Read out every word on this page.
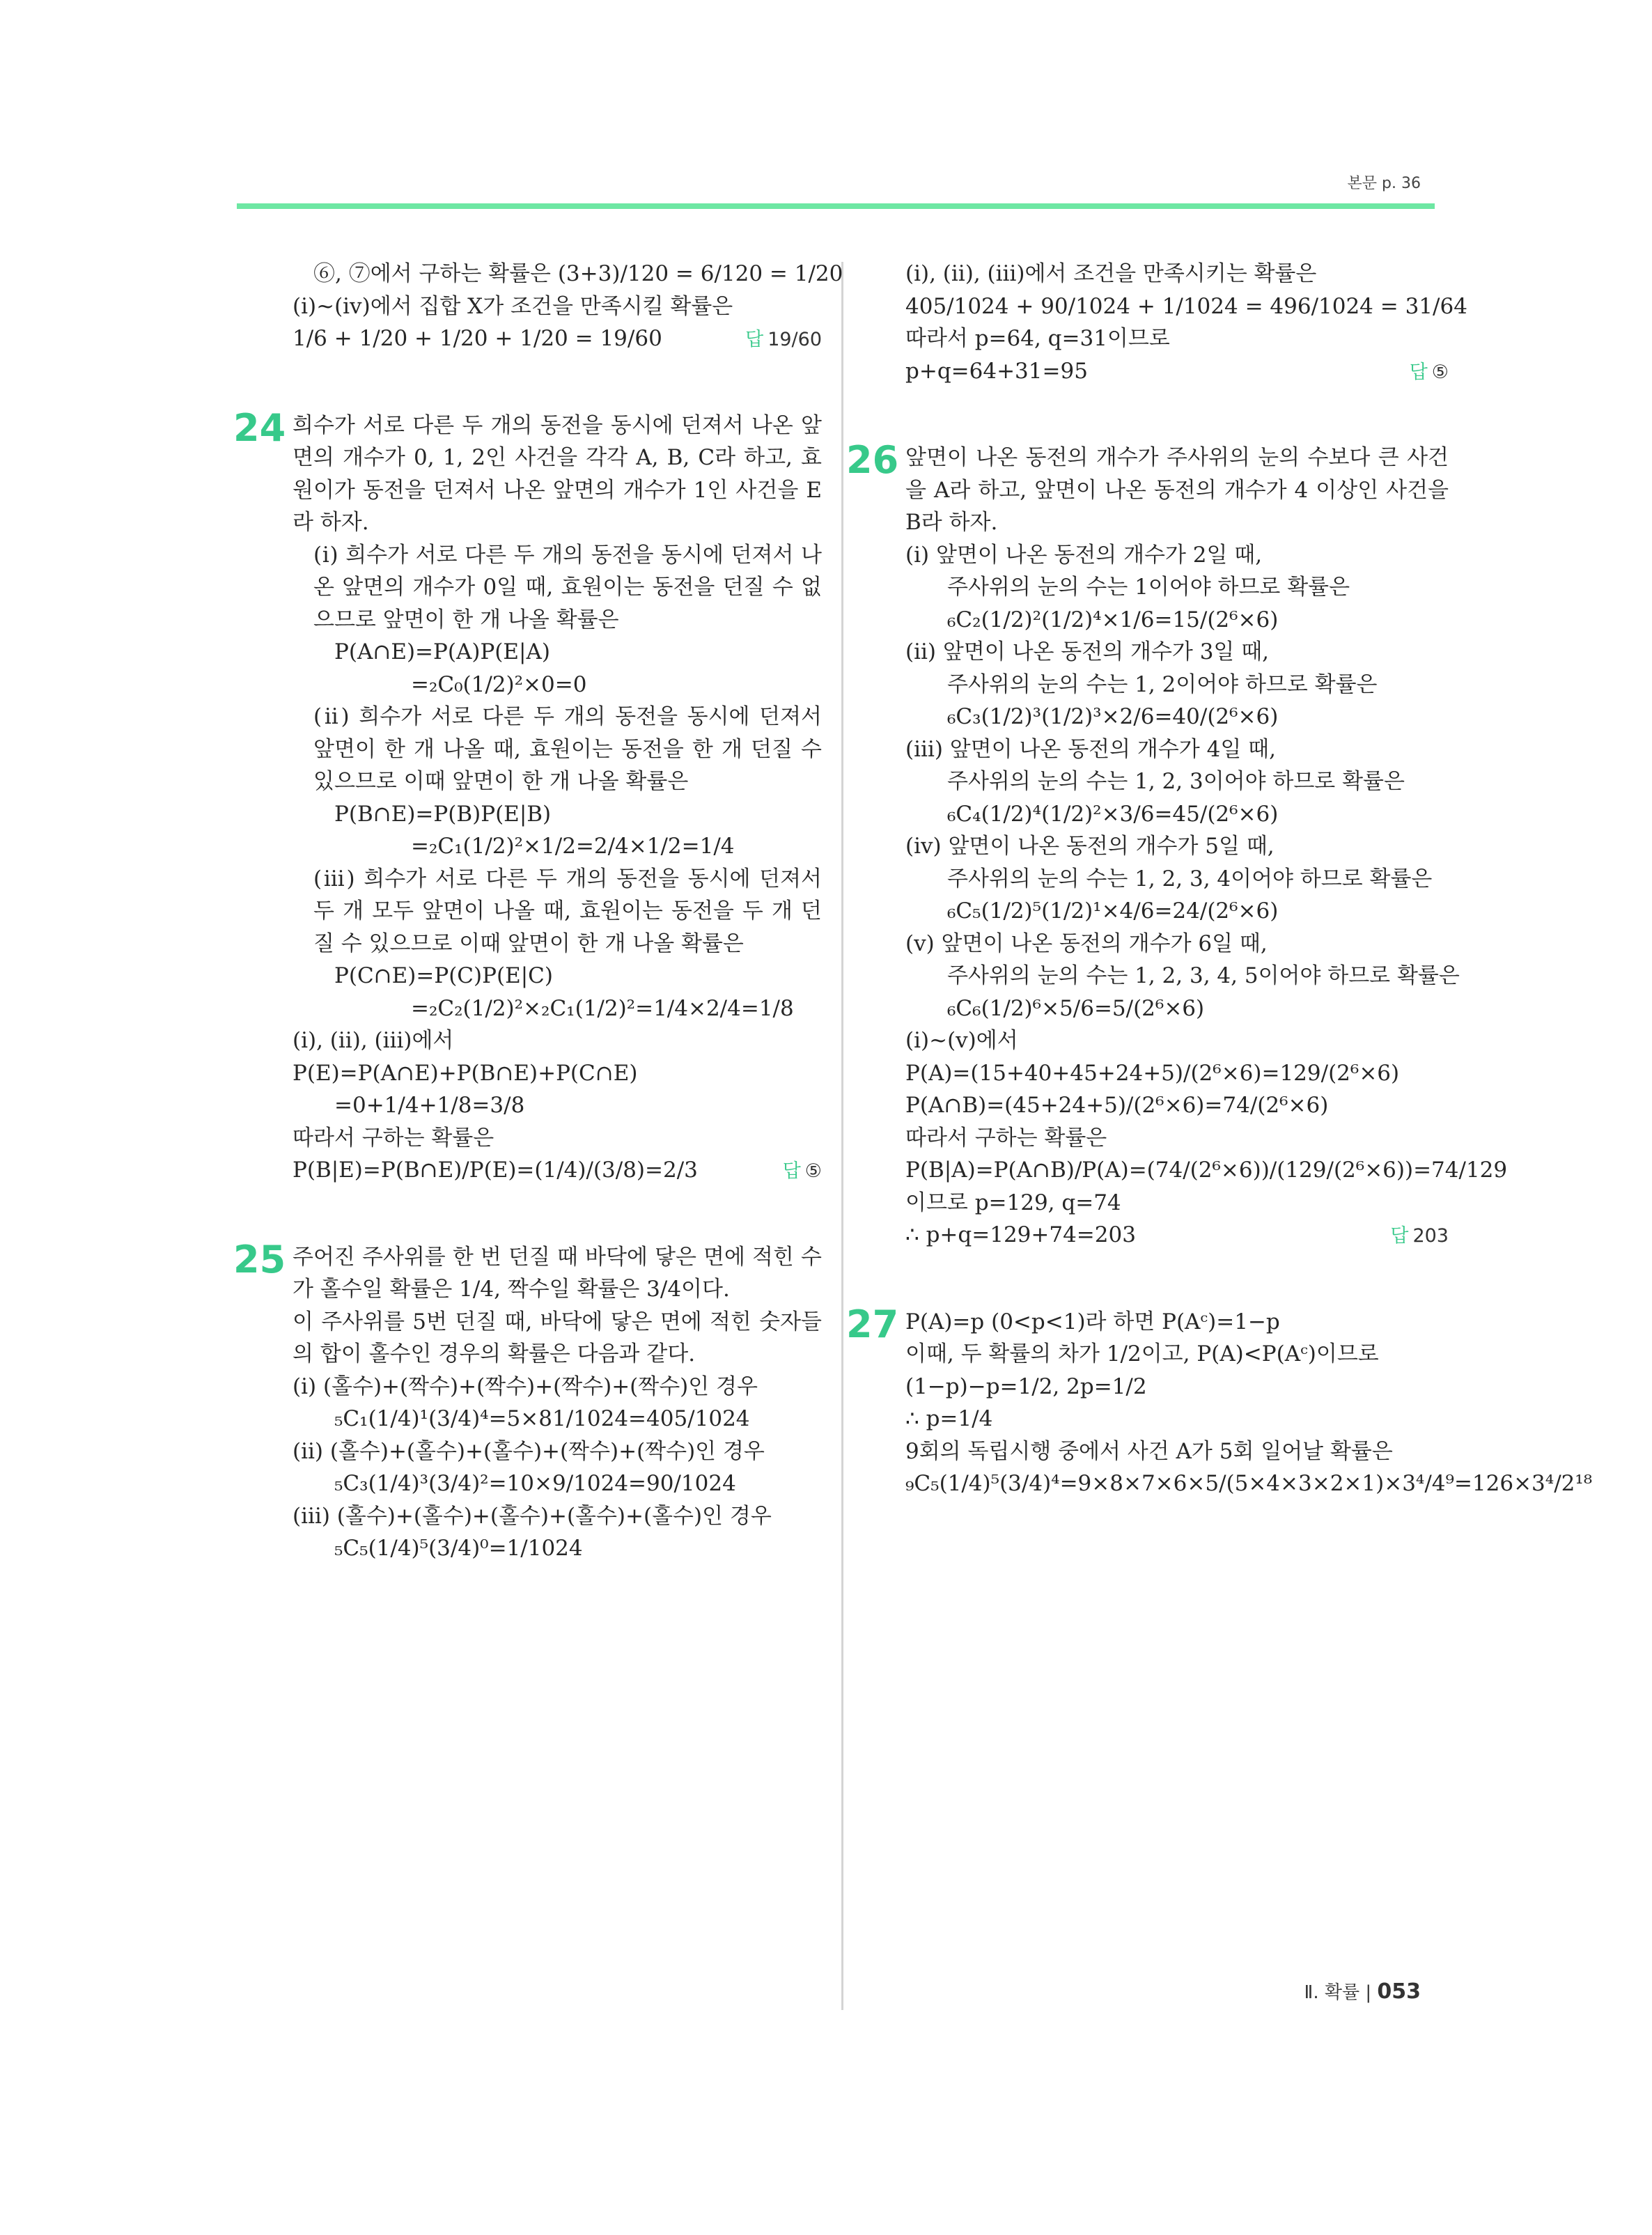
본문 p. 36

⑥, ⑦에서 구하는 확률은 (3+3)/120 = 6/120 = 1/20

(ⅰ)~(ⅳ)에서 집합 X가 조건을 만족시킬 확률은

1/6 + 1/20 + 1/20 + 1/20 = 19/60	답 19/60
24 희수가 서로 다른 두 개의 동전을 동시에 던져서 나온 앞면의 개수가 0, 1, 2인 사건을 각각 A, B, C라 하고, 효원이가 동전을 던져서 나온 앞면의 개수가 1인 사건을 E라 하자.

(ⅰ) 희수가 서로 다른 두 개의 동전을 동시에 던져서 나온 앞면의 개수가 0일 때, 효원이는 동전을 던질 수 없으므로 앞면이 한 개 나올 확률은

P(A∩E)=P(A)P(E|A)

=₂C₀(1/2)²×0=0

(ⅱ) 희수가 서로 다른 두 개의 동전을 동시에 던져서 앞면이 한 개 나올 때, 효원이는 동전을 한 개 던질 수 있으므로 이때 앞면이 한 개 나올 확률은

P(B∩E)=P(B)P(E|B)

=₂C₁(1/2)²×1/2=2/4×1/2=1/4

(ⅲ) 희수가 서로 다른 두 개의 동전을 동시에 던져서 두 개 모두 앞면이 나올 때, 효원이는 동전을 두 개 던질 수 있으므로 이때 앞면이 한 개 나올 확률은

P(C∩E)=P(C)P(E|C)

=₂C₂(1/2)²×₂C₁(1/2)²=1/4×2/4=1/8

(ⅰ), (ⅱ), (ⅲ)에서

P(E)=P(A∩E)+P(B∩E)+P(C∩E)

=0+1/4+1/8=3/8

따라서 구하는 확률은

P(B|E)=P(B∩E)/P(E)=(1/4)/(3/8)=2/3	답 ⑤
25 주어진 주사위를 한 번 던질 때 바닥에 닿은 면에 적힌 수가 홀수일 확률은 1/4, 짝수일 확률은 3/4이다.

이 주사위를 5번 던질 때, 바닥에 닿은 면에 적힌 숫자들의 합이 홀수인 경우의 확률은 다음과 같다.

(ⅰ) (홀수)+(짝수)+(짝수)+(짝수)+(짝수)인 경우

₅C₁(1/4)¹(3/4)⁴=5×81/1024=405/1024

(ⅱ) (홀수)+(홀수)+(홀수)+(짝수)+(짝수)인 경우

₅C₃(1/4)³(3/4)²=10×9/1024=90/1024

(ⅲ) (홀수)+(홀수)+(홀수)+(홀수)+(홀수)인 경우

₅C₅(1/4)⁵(3/4)⁰=1/1024

(ⅰ), (ⅱ), (ⅲ)에서 조건을 만족시키는 확률은

405/1024 + 90/1024 + 1/1024 = 496/1024 = 31/64

따라서 p=64, q=31이므로

p+q=64+31=95	답 ⑤
26 앞면이 나온 동전의 개수가 주사위의 눈의 수보다 큰 사건을 A라 하고, 앞면이 나온 동전의 개수가 4 이상인 사건을 B라 하자.

(ⅰ) 앞면이 나온 동전의 개수가 2일 때,

주사위의 눈의 수는 1이어야 하므로 확률은

₆C₂(1/2)²(1/2)⁴×1/6=15/(2⁶×6)

(ⅱ) 앞면이 나온 동전의 개수가 3일 때,

주사위의 눈의 수는 1, 2이어야 하므로 확률은

₆C₃(1/2)³(1/2)³×2/6=40/(2⁶×6)

(ⅲ) 앞면이 나온 동전의 개수가 4일 때,

주사위의 눈의 수는 1, 2, 3이어야 하므로 확률은

₆C₄(1/2)⁴(1/2)²×3/6=45/(2⁶×6)

(ⅳ) 앞면이 나온 동전의 개수가 5일 때,

주사위의 눈의 수는 1, 2, 3, 4이어야 하므로 확률은

₆C₅(1/2)⁵(1/2)¹×4/6=24/(2⁶×6)

(ⅴ) 앞면이 나온 동전의 개수가 6일 때,

주사위의 눈의 수는 1, 2, 3, 4, 5이어야 하므로 확률은

₆C₆(1/2)⁶×5/6=5/(2⁶×6)

(ⅰ)~(ⅴ)에서

P(A)=(15+40+45+24+5)/(2⁶×6)=129/(2⁶×6)

P(A∩B)=(45+24+5)/(2⁶×6)=74/(2⁶×6)

따라서 구하는 확률은

P(B|A)=P(A∩B)/P(A)=(74/(2⁶×6))/(129/(2⁶×6))=74/129

이므로 p=129, q=74

∴ p+q=129+74=203	답 203
27 P(A)=p (0<p<1)라 하면 P(Aᶜ)=1−p

이때, 두 확률의 차가 1/2이고, P(A)<P(Aᶜ)이므로

(1−p)−p=1/2, 2p=1/2

∴ p=1/4

9회의 독립시행 중에서 사건 A가 5회 일어날 확률은

₉C₅(1/4)⁵(3/4)⁴=9×8×7×6×5/(5×4×3×2×1)×3⁴/4⁹=126×3⁴/2¹⁸

Ⅱ. 확률 | 053
